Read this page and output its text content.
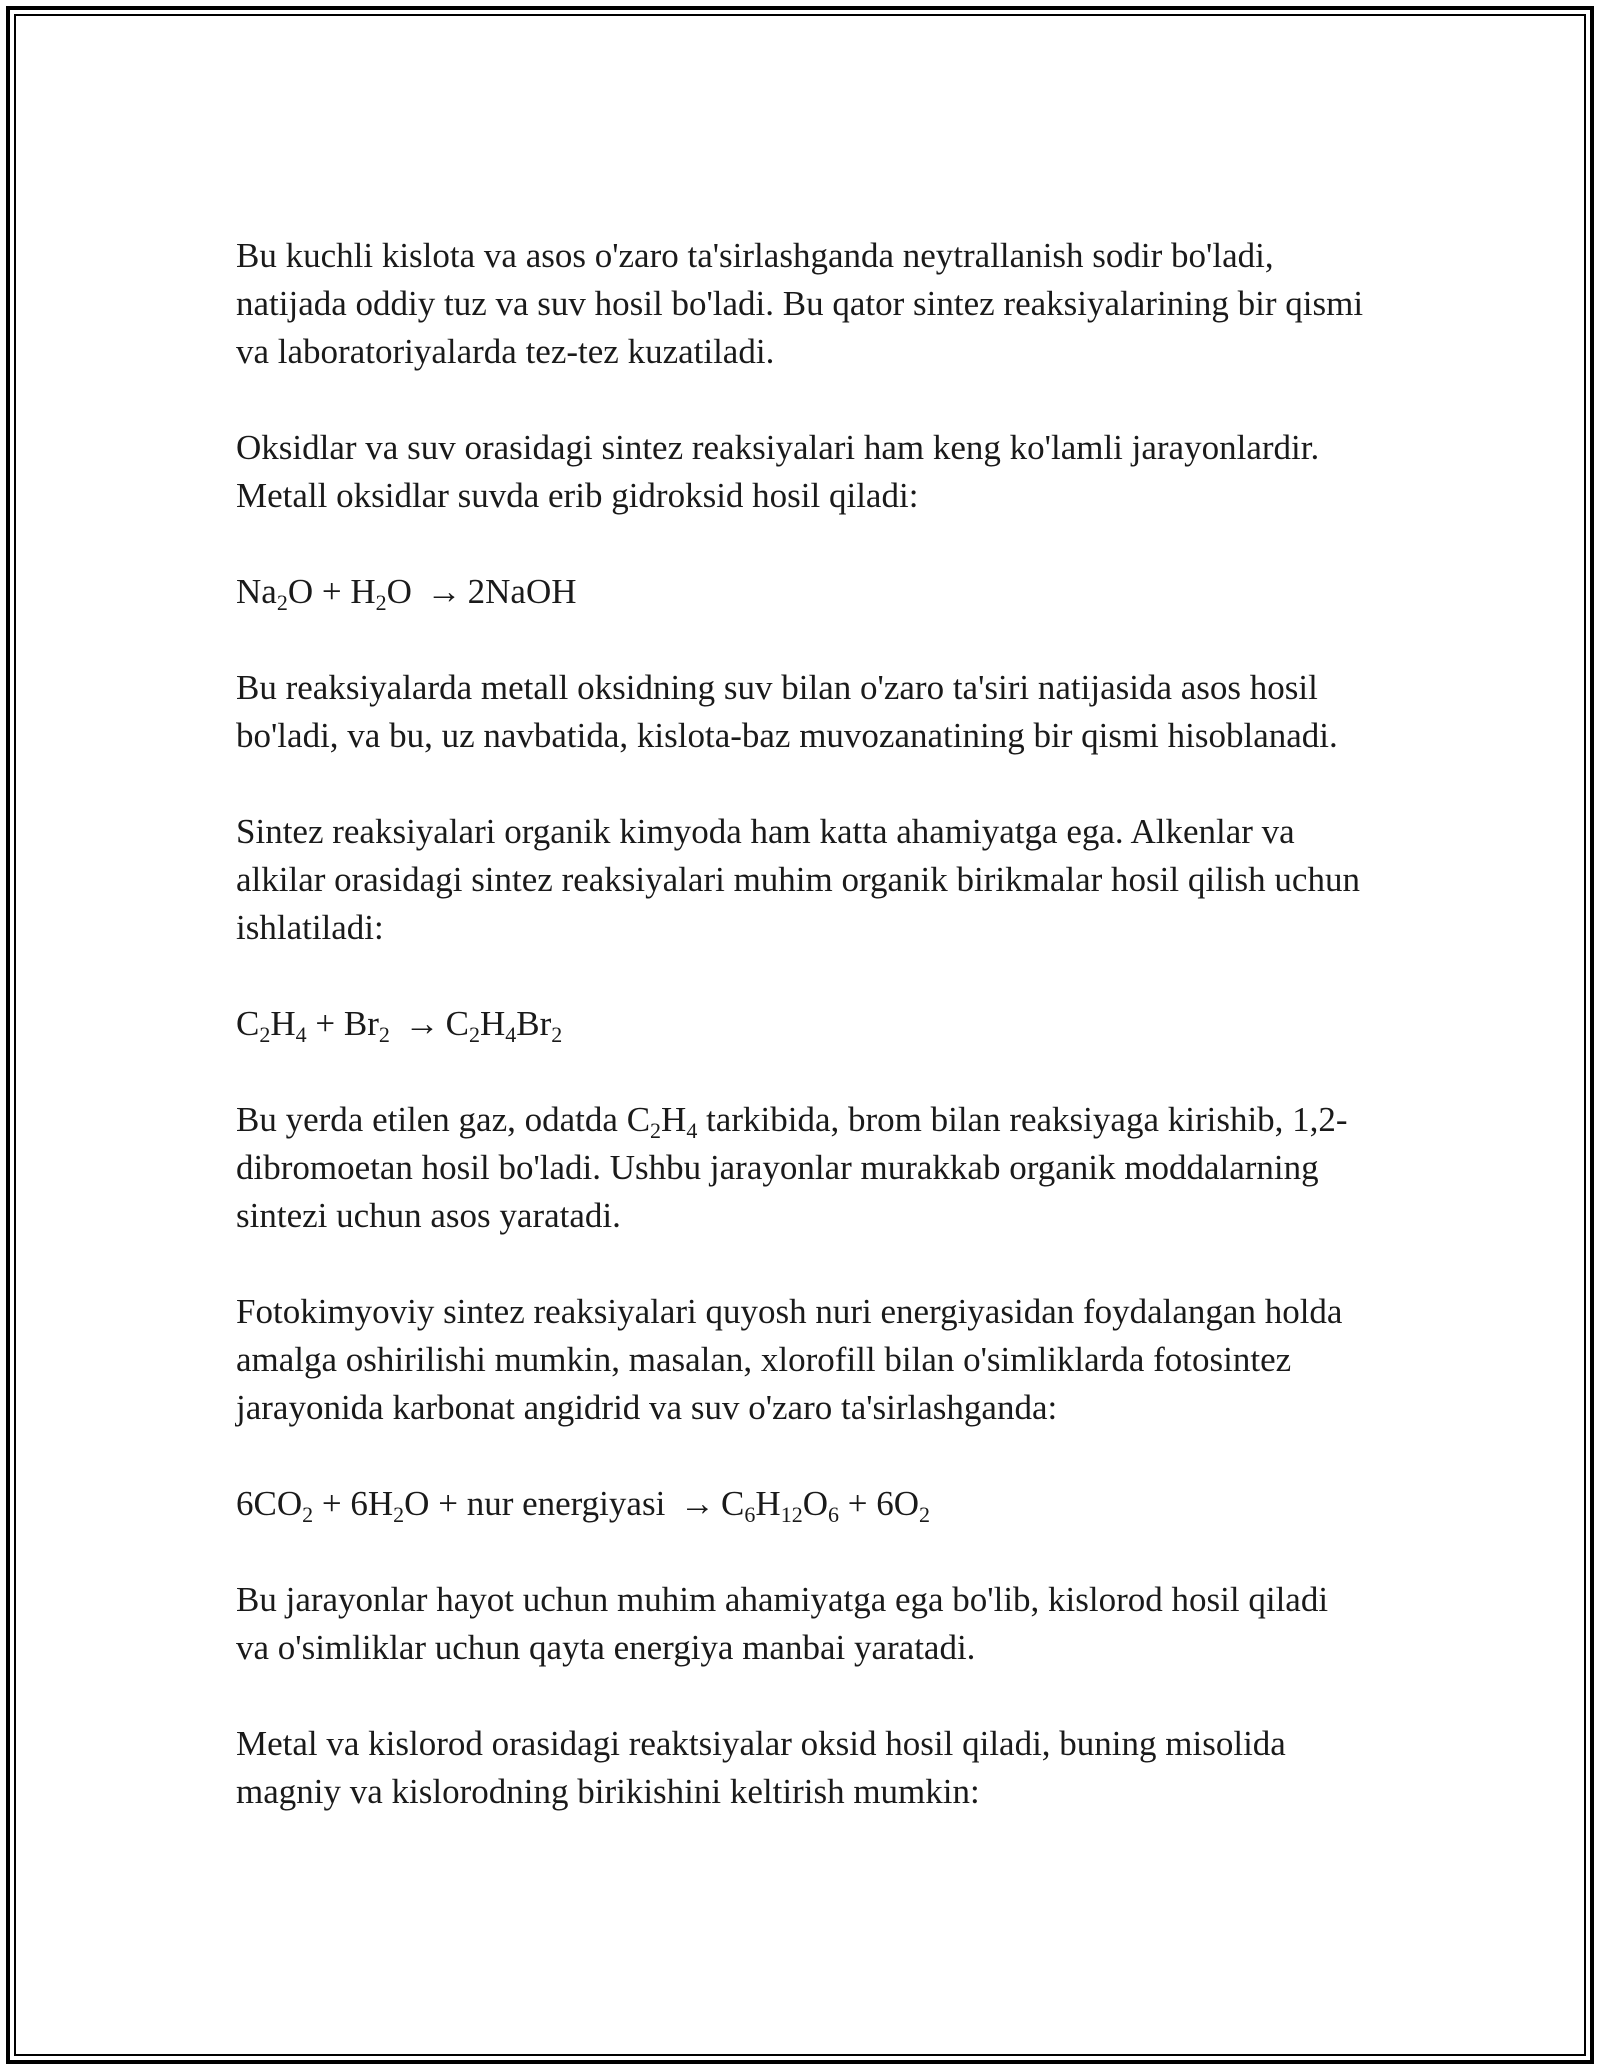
Bu kuchli kislota va asos o'zaro ta'sirlashganda neytrallanish sodir bo'ladi, natijada oddiy tuz va suv hosil bo'ladi. Bu qator sintez reaksiyalarining bir qismi va laboratoriyalarda tez-tez kuzatiladi.

Oksidlar va suv orasidagi sintez reaksiyalari ham keng ko'lamli jarayonlardir. Metall oksidlar suvda erib gidroksid hosil qiladi:

$Na_2O + H_2O$ → 2NaOH

Bu reaksiyalarda metall oksidning suv bilan o'zaro ta'siri natijasida asos hosil bo'ladi, va bu, uz navbatida, kislota-baz muvozanatining bir qismi hisoblanadi.

Sintez reaksiyalari organik kimyoda ham katta ahamiyatga ega. Alkenlar va alkilar orasidagi sintez reaksiyalari muhim organik birikmalar hosil qilish uchun ishlatiladi:

$C_2H_4 + Br_2 \to C_2H_4Br_2$

Bu yerda etilen gaz, odatda $C_2H_4$ tarkibida, brom bilan reaksiyaga kirishib, 1,2-dibromoetan hosil bo'ladi. Ushbu jarayonlar murakkab organik moddalarning sintezi uchun asos yaratadi.

Fotokimyoviy sintez reaksiyalari quyosh nuri energiyasidan foydalangan holda amalga oshirilishi mumkin, masalan, xlorofill bilan o'simliklarda fotosintez jarayonida karbonat angidrid va suv o'zaro ta'sirlashganda:

$6CO_2 + 6H_2O$ + nur energiyasi → $C_6H_{12}O_6 + 6O_2$

Bu jarayonlar hayot uchun muhim ahamiyatga ega bo'lib, kislorod hosil qiladi va o'simliklar uchun qayta energiya manbai yaratadi.

Metal va kislorod orasidagi reaktsiyalar oksid hosil qiladi, buning misolida magniy va kislorodning birikishini keltirish mumkin:
